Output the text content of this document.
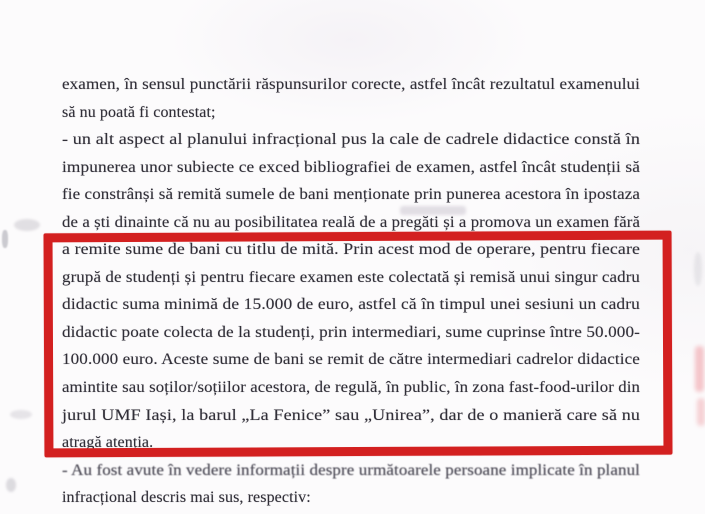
examen, în sensul punctării răspunsurilor corecte, astfel încât rezultatul examenului
să nu poată fi contestat;
- un alt aspect al planului infracțional pus la cale de cadrele didactice constă în
impunerea unor subiecte ce exced bibliografiei de examen, astfel încât studenții să
fie constrânși să remită sumele de bani menționate prin punerea acestora în ipostaza
de a ști dinainte că nu au posibilitatea reală de a pregăti și a promova un examen fără
a remite sume de bani cu titlu de mită. Prin acest mod de operare, pentru fiecare
grupă de studenți și pentru fiecare examen este colectată și remisă unui singur cadru
didactic suma minimă de 15.000 de euro, astfel că în timpul unei sesiuni un cadru
didactic poate colecta de la studenți, prin intermediari, sume cuprinse între 50.000-
100.000 euro. Aceste sume de bani se remit de către intermediari cadrelor didactice
amintite sau soților/soțiilor acestora, de regulă, în public, în zona fast-food-urilor din
jurul UMF Iași, la barul „La Fenice” sau „Unirea”, dar de o manieră care să nu
atragă atenția.
- Au fost avute în vedere informații despre următoarele persoane implicate în planul
infracțional descris mai sus, respectiv:
